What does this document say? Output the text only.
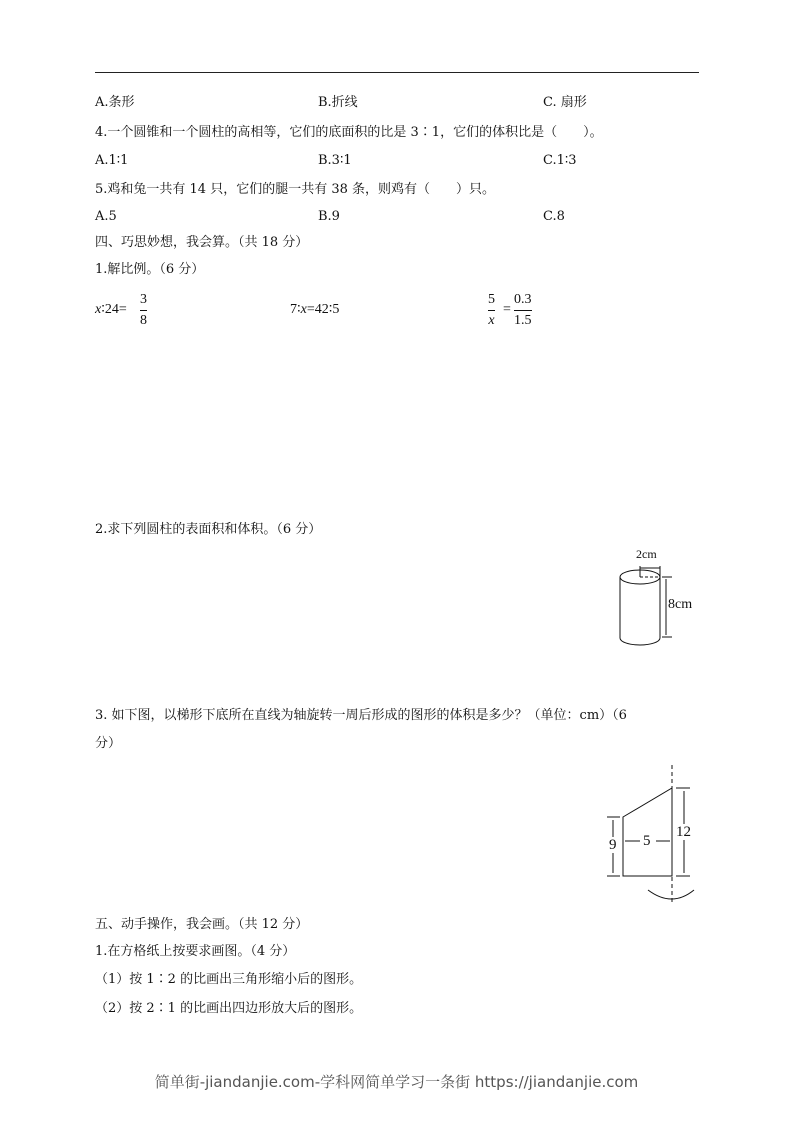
A.条形	B.折线	C. 扇形
4.一个圆锥和一个圆柱的高相等，它们的底面积的比是 3∶1，它们的体积比是（　　）。
A.1∶1	B.3∶1	C.1∶3
5.鸡和兔一共有 14 只，它们的腿一共有 38 条，则鸡有（　　）只。
A.5	B.9	C.8
四、巧思妙想，我会算。（共 18 分）
1.解比例。（6 分）
x∶24=
3
8
7∶x=42∶5
5
x
=
0.3
1.5
2.求下列圆柱的表面积和体积。（6 分）
2cm
8cm
3. 如下图，以梯形下底所在直线为轴旋转一周后形成的图形的体积是多少？（单位：cm）（6
分）
9 5
12
五、动手操作，我会画。（共 12 分）
1.在方格纸上按要求画图。（4 分）
（1）按 1∶2 的比画出三角形缩小后的图形。
（2）按 2∶1 的比画出四边形放大后的图形。
简单街-jiandanjie.com-学科网简单学习一条街 https://jiandanjie.com
